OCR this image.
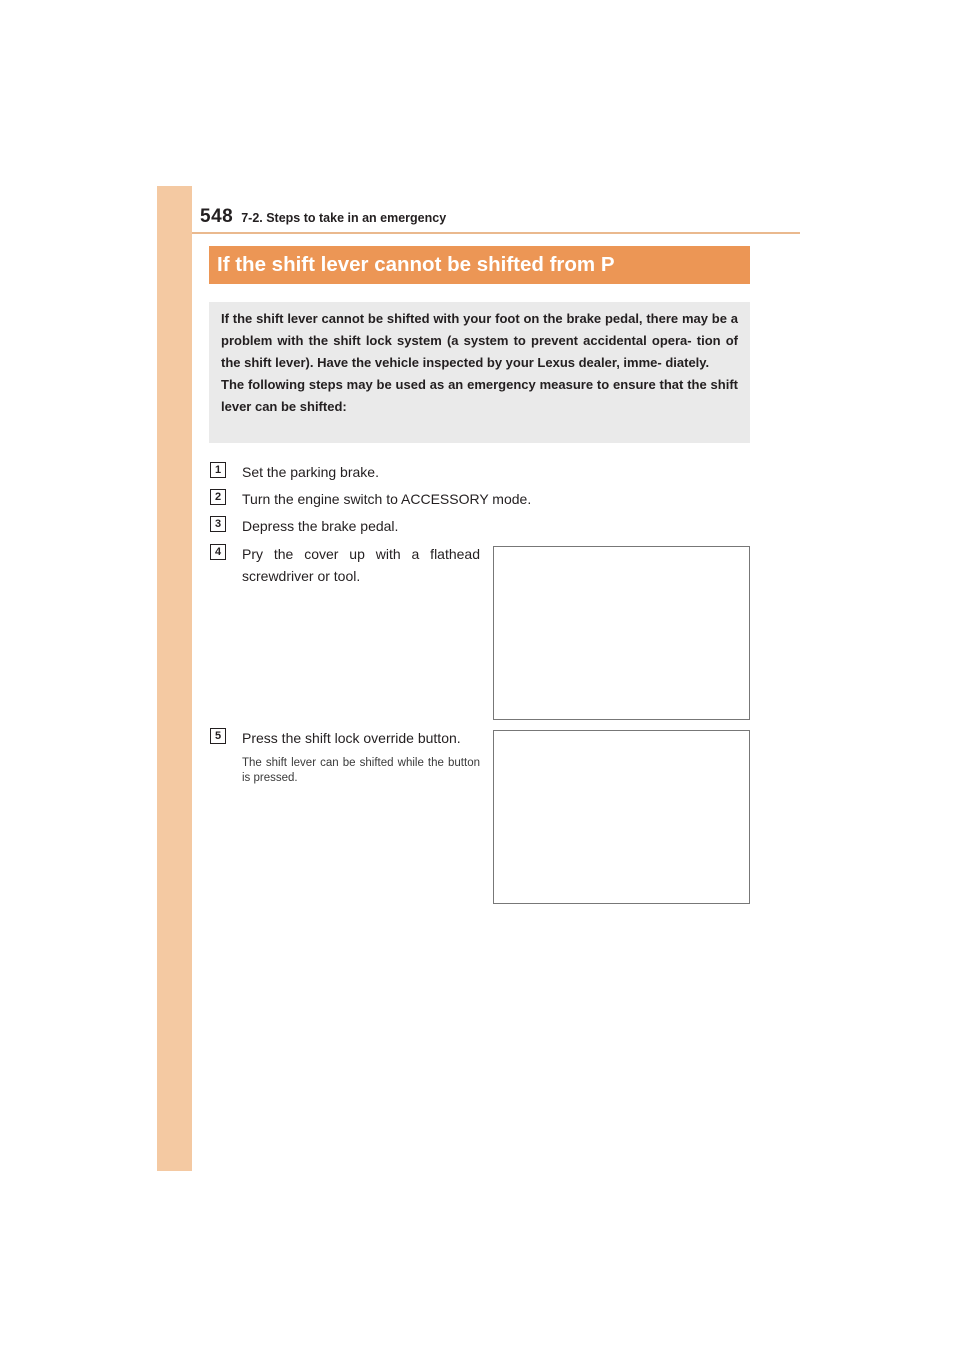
548 7-2. Steps to take in an emergency
If the shift lever cannot be shifted from P

If the shift lever cannot be shifted with your foot on the brake pedal, there may be a problem with the shift lock system (a system to prevent accidental opera- tion of the shift lever). Have the vehicle inspected by your Lexus dealer, imme- diately.

The following steps may be used as an emergency measure to ensure that the shift lever can be shifted:

1	Set the parking brake.
2	Turn the engine switch to ACCESSORY mode.
3	Depress the brake pedal.
4	Pry the cover up with a flathead screwdriver or tool.
5	Press the shift lock override button.
The shift lever can be shifted while the button is pressed.
